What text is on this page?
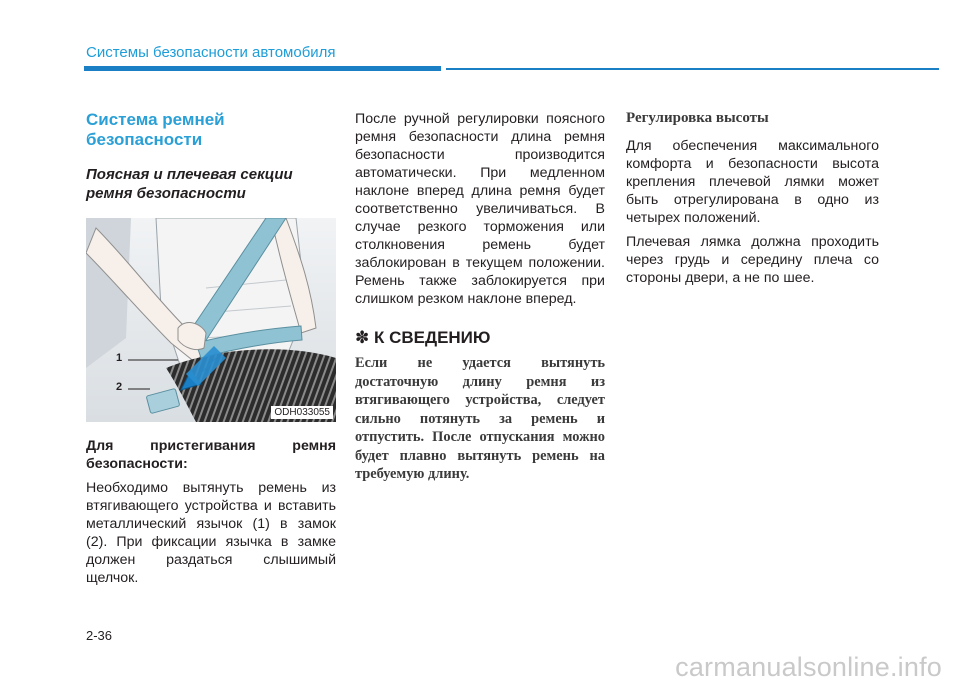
Системы безопасности автомобиля
Система ремней безопасности
Поясная и плечевая секции ремня безопасности
1
2
ODH033055
Для пристегивания ремня безопасности:
Необходимо вытянуть ремень из втягивающего устройства и вставить металлический язычок (1) в замок (2). При фиксации язычка в замке должен раздаться слышимый щелчок.
После ручной регулировки поясного ремня безопасности длина ремня безопасности производится автоматически. При медленном наклоне вперед длина ремня будет соответственно увеличиваться. В случае резкого торможения или столкновения ремень будет заблокирован в текущем положении. Ремень также заблокируется при слишком резком наклоне вперед.
✽ К СВЕДЕНИЮ
Если не удается вытянуть достаточную длину ремня из втягивающего устройства, следует сильно потянуть за ремень и отпустить. После отпускания можно будет плавно вытянуть ремень на требуемую длину.
Регулировка высоты
Для обеспечения максимального комфорта и безопасности высота крепления плечевой лямки может быть отрегулирована в одно из четырех положений.
Плечевая лямка должна проходить через грудь и середину плеча со стороны двери, а не по шее.
2-36
carmanualsonline.info
